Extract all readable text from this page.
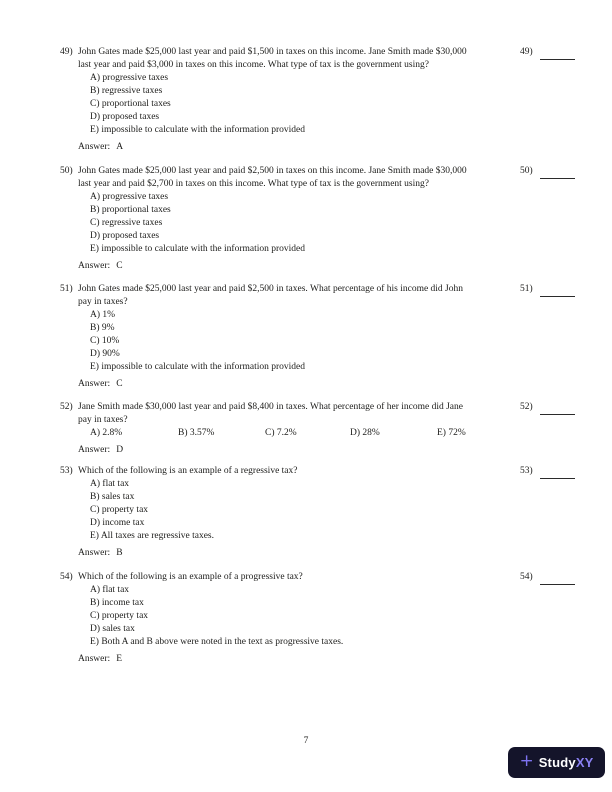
49) John Gates made $25,000 last year and paid $1,500 in taxes on this income. Jane Smith made $30,000
last year and paid $3,000 in taxes on this income. What type of tax is the government using?
A) progressive taxes
B) regressive taxes
C) proportional taxes
D) proposed taxes
E) impossible to calculate with the information provided
Answer: A
49)
50) John Gates made $25,000 last year and paid $2,500 in taxes on this income. Jane Smith made $30,000
last year and paid $2,700 in taxes on this income. What type of tax is the government using?
A) progressive taxes
B) proportional taxes
C) regressive taxes
D) proposed taxes
E) impossible to calculate with the information provided
Answer: C
50)
51) John Gates made $25,000 last year and paid $2,500 in taxes. What percentage of his income did John
pay in taxes?
A) 1%
B) 9%
C) 10%
D) 90%
E) impossible to calculate with the information provided
Answer: C
51)
52) Jane Smith made $30,000 last year and paid $8,400 in taxes. What percentage of her income did Jane
pay in taxes?
A) 2.8%	B) 3.57%	C) 7.2%	D) 28%	E) 72%
Answer: D
52)
53) Which of the following is an example of a regressive tax?
A) flat tax
B) sales tax
C) property tax
D) income tax
E) All taxes are regressive taxes.
Answer: B
53)
54) Which of the following is an example of a progressive tax?
A) flat tax
B) income tax
C) property tax
D) sales tax
E) Both A and B above were noted in the text as progressive taxes.
Answer: E
54)
7
+ StudyXY
